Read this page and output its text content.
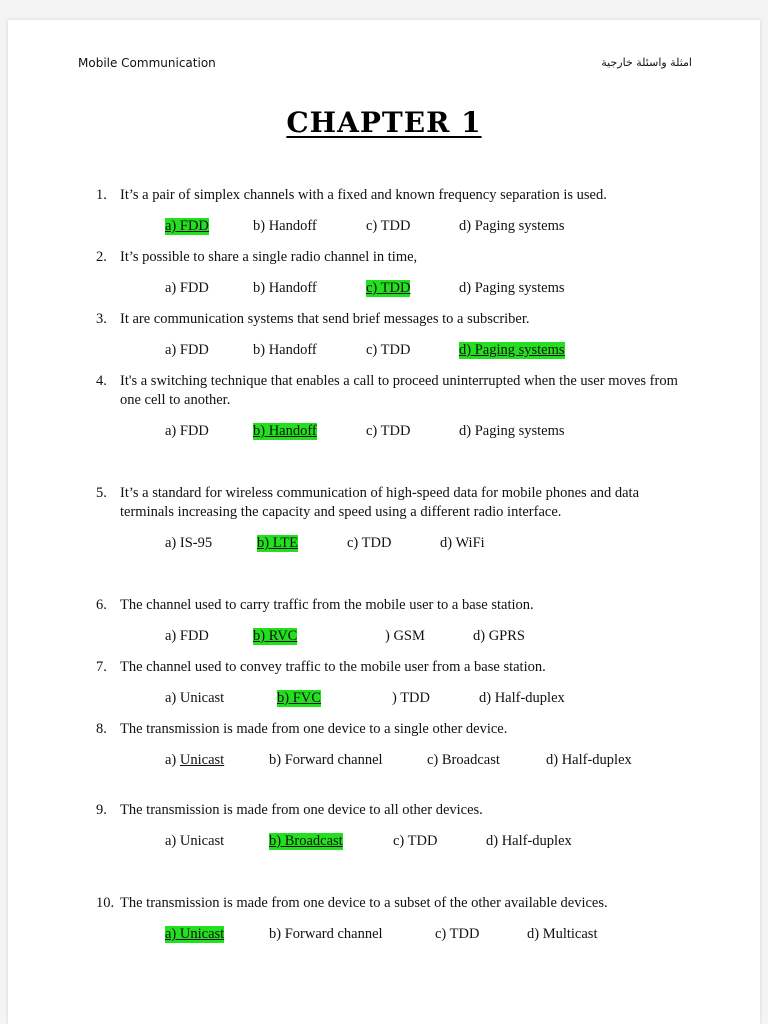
Mobile Communication	امثلة واسئلة خارجية
CHAPTER 1
1. It’s a pair of simplex channels with a fixed and known frequency separation is used.
a) FDD	b) Handoff	c) TDD	d) Paging systems
2. It’s possible to share a single radio channel in time,
a) FDD	b) Handoff	c) TDD	d) Paging systems
3. It are communication systems that send brief messages to a subscriber.
a) FDD	b) Handoff	c) TDD	d) Paging systems
4. It's a switching technique that enables a call to proceed uninterrupted when the user moves from one cell to another.
a) FDD	b) Handoff	c) TDD	d) Paging systems
5. It’s a standard for wireless communication of high-speed data for mobile phones and data terminals increasing the capacity and speed using a different radio interface.
a) IS-95	b) LTE	c) TDD	d) WiFi
6. The channel used to carry traffic from the mobile user to a base station.
a) FDD	b) RVC	) GSM	d) GPRS
7. The channel used to convey traffic to the mobile user from a base station.
a) Unicast	b) FVC	) TDD	d) Half-duplex
8. The transmission is made from one device to a single other device.
a) Unicast	b) Forward channel	c) Broadcast	d) Half-duplex
9. The transmission is made from one device to all other devices.
a) Unicast	b) Broadcast	c) TDD	d) Half-duplex
10. The transmission is made from one device to a subset of the other available devices.
a) Unicast	b) Forward channel	c) TDD	d) Multicast
